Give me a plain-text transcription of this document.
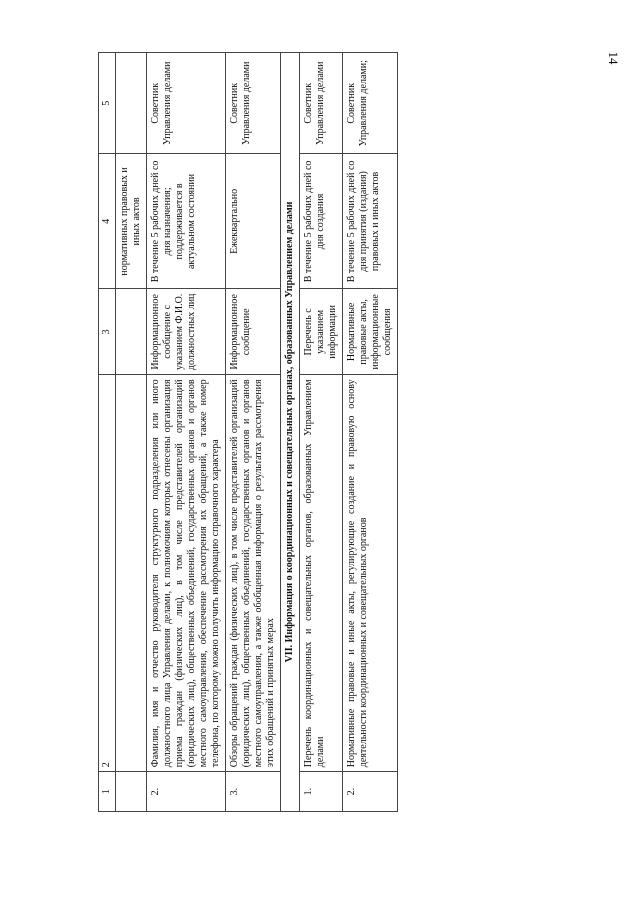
14
1	2	3	4	5
			нормативных правовых и иных актов	
2.	Фамилия, имя и отчество руководителя структурного подразделения или иного должностного лица Управления делами, к полномочиям которых отнесены организация приема граждан (физических лиц), в том числе представителей организаций (юридических лиц), общественных объединений, государственных органов и органов местного самоуправления, обеспечение рассмотрения их обращений, а также номер телефона, по которому можно получить информацию справочного характера	Информационное сообщение с указанием Ф.И.О. должностных лиц	В течение 5 рабочих дней со дня назначения; поддерживается в актуальном состоянии	Советник Управления делами
3.	Обзоры обращений граждан (физических лиц), в том числе представителей организаций (юридических лиц), общественных объединений, государственных органов и органов местного самоуправления, а также обобщенная информация о результатах рассмотрения этих обращений и принятых мерах	Информационное сообщение	Ежеквартально	Советник Управления делами
VII. Информация о координационных и совещательных органах, образованных Управлением делами				
1.	Перечень координационных и совещательных органов, образованных Управлением делами	Перечень с указанием информации	В течение 5 рабочих дней со дня создания	Советник Управления делами
2.	Нормативные правовые и иные акты, регулирующие создание и правовую основу деятельности координационных и совещательных органов	Нормативные правовые акты, информационные сообщения	В течение 5 рабочих дней со дня принятия (издания) правовых и иных актов	Советник Управления делами;
